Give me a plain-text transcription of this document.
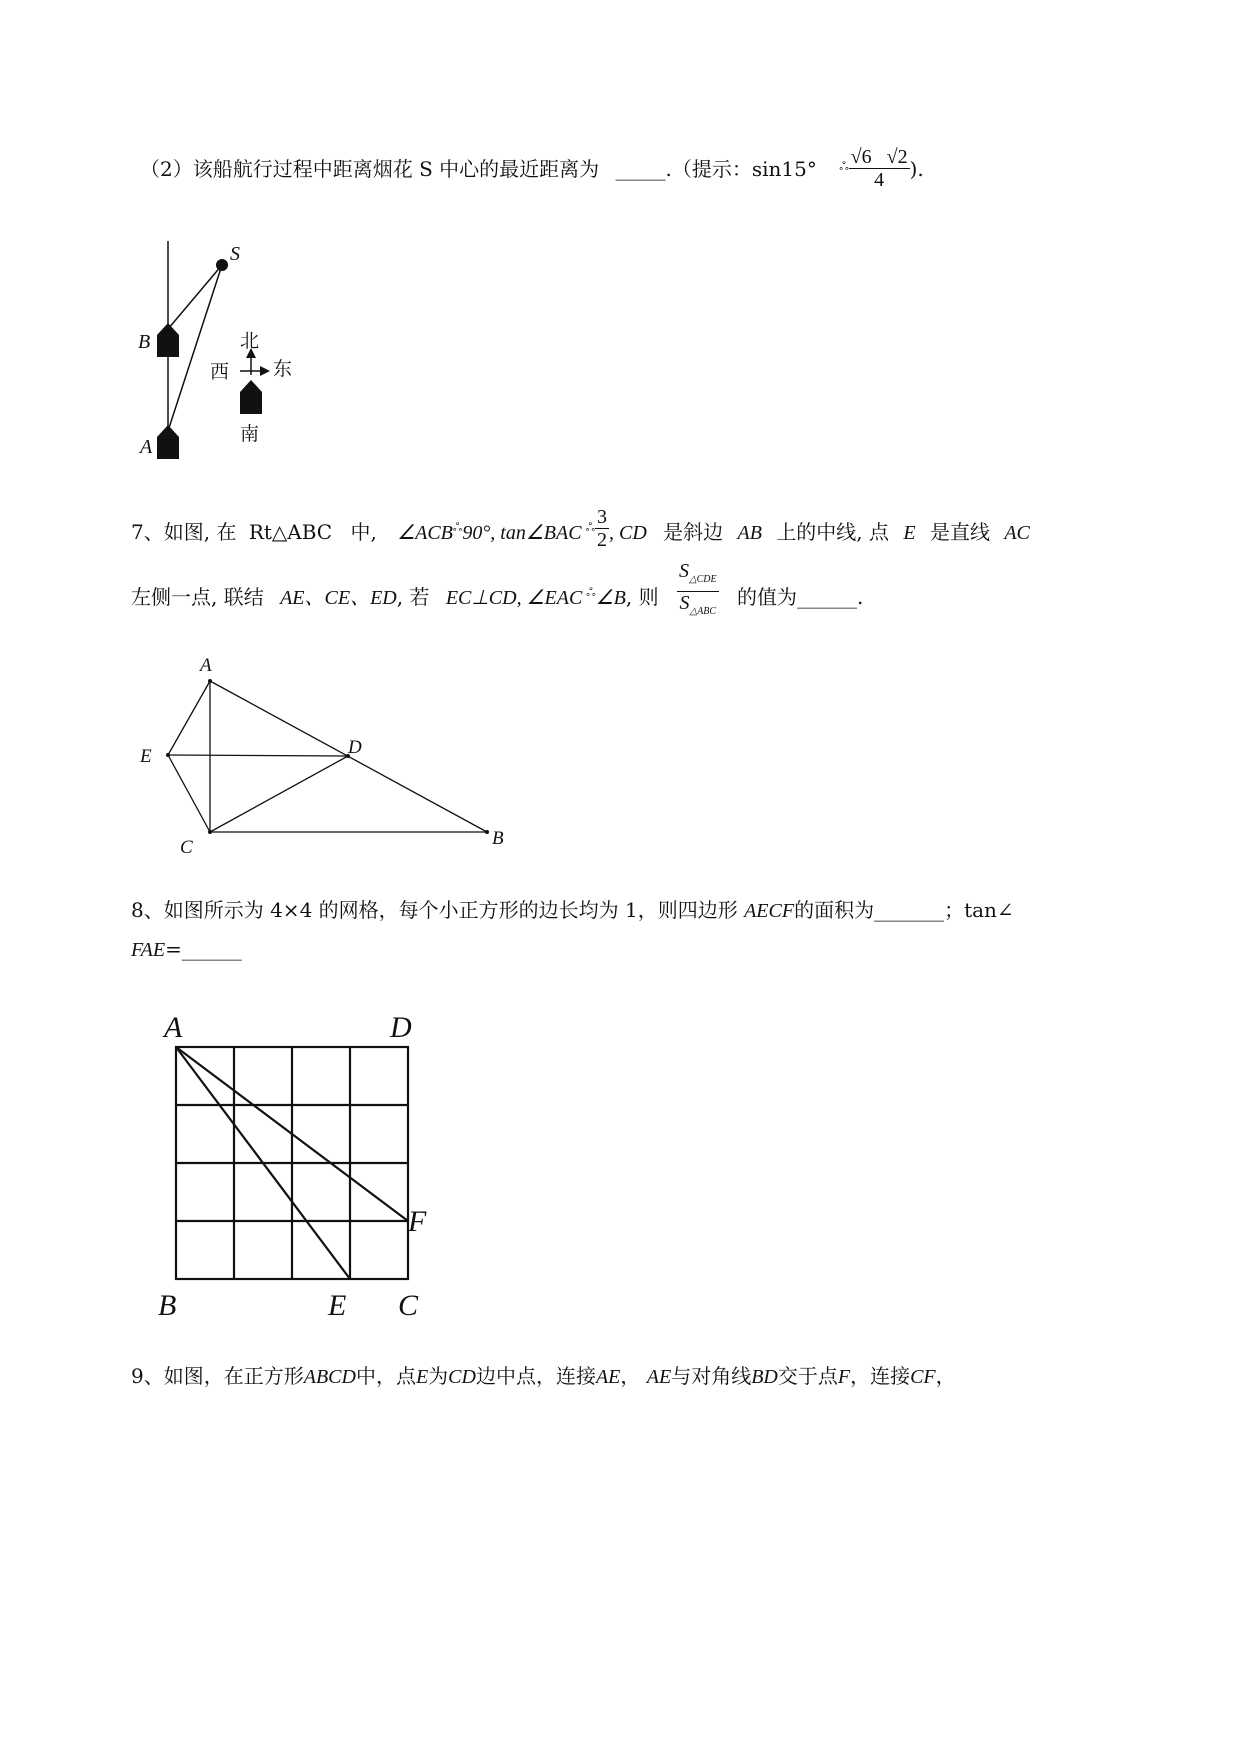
（2）该船航行过程中距离烟花 S 中心的最近距离为 _____.（提示：sin15° $^ஃ \frac{√6 √2}{4}$ ).
S
B
A
北
西 东
南
7、如图, 在 Rt△ABC 中, $\angle ACB^ஃ90^\circ$, tan∠BAC $^ஃ \frac{3}{2}$ , CD 是斜边 AB 上的中线, 点 E 是直线 AC
左侧一点, 联结 AE、CE、ED, 若 EC⊥CD, ∠EAC $^ஃ$∠B, 则 $\frac{S_{\triangle CDE}}{S_{\triangle ABC}}$ 的值为______.
A
E	D
C	B
8、如图所示为 4×4 的网格，每个小正方形的边长均为 1，则四边形 AECF的面积为_______；tan∠
FAE=______
A	D
F
B	E C
9、如图，在正方形ABCD中，点E为CD边中点，连接AE， AE与对角线BD交于点F，连接CF，
